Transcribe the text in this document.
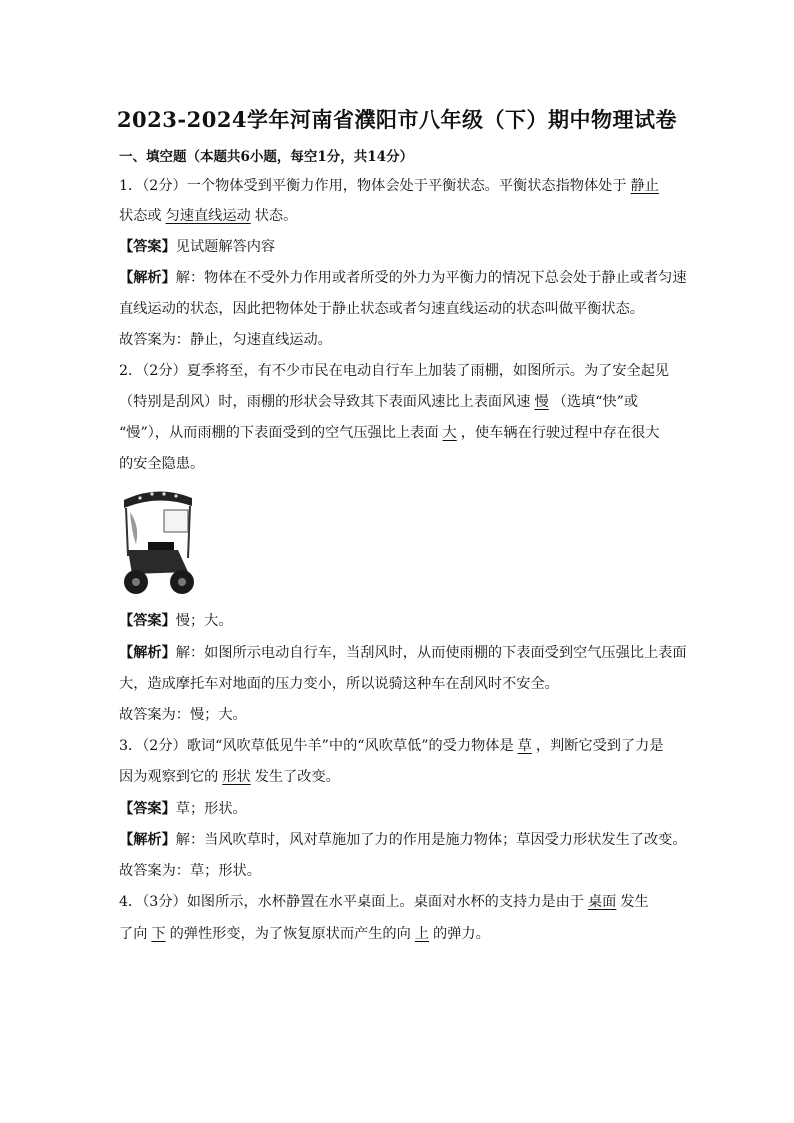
2023-2024学年河南省濮阳市八年级（下）期中物理试卷
一、填空题（本题共6小题，每空1分，共14分）
1．（2分）一个物体受到平衡力作用，物体会处于平衡状态。平衡状态指物体处于 静止
状态或 匀速直线运动 状态。
【答案】见试题解答内容
【解析】解：物体在不受外力作用或者所受的外力为平衡力的情况下总会处于静止或者匀速
直线运动的状态，因此把物体处于静止状态或者匀速直线运动的状态叫做平衡状态。
故答案为：静止，匀速直线运动。
2．（2分）夏季将至，有不少市民在电动自行车上加装了雨棚，如图所示。为了安全起见
（特别是刮风）时，雨棚的形状会导致其下表面风速比上表面风速 慢 （选填“快”或
“慢”），从而雨棚的下表面受到的空气压强比上表面 大 ，使车辆在行驶过程中存在很大
的安全隐患。
【答案】慢；大。
【解析】解：如图所示电动自行车，当刮风时，从而使雨棚的下表面受到空气压强比上表面
大，造成摩托车对地面的压力变小，所以说骑这种车在刮风时不安全。
故答案为：慢；大。
3．（2分）歌词“风吹草低见牛羊”中的“风吹草低”的受力物体是 草 ，判断它受到了力是
因为观察到它的 形状 发生了改变。
【答案】草；形状。
【解析】解：当风吹草时，风对草施加了力的作用是施力物体；草因受力形状发生了改变。
故答案为：草；形状。
4．（3分）如图所示，水杯静置在水平桌面上。桌面对水杯的支持力是由于 桌面 发生
了向 下 的弹性形变，为了恢复原状而产生的向 上 的弹力。
